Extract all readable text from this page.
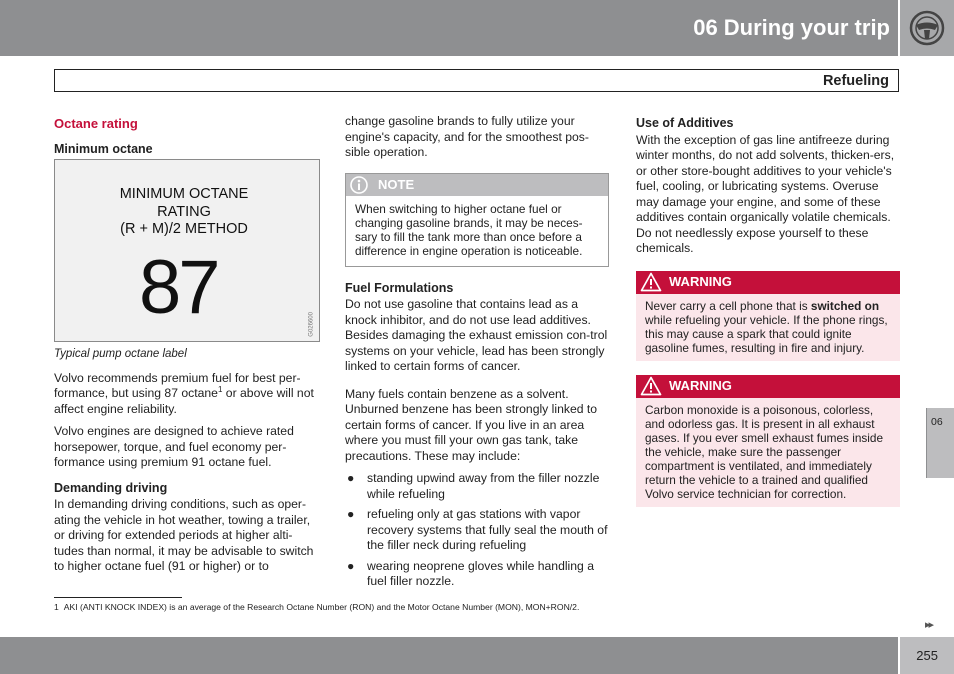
06 During your trip
Refueling
Octane rating
Minimum octane
MINIMUM OCTANE
RATING
(R + M)/2 METHOD
87	G026600
Typical pump octane label

Volvo recommends premium fuel for best per-formance, but using 87 octane$^1$ or above will not affect engine reliability.

Volvo engines are designed to achieve rated horsepower, torque, and fuel economy per-formance using premium 91 octane fuel.

Demanding driving

In demanding driving conditions, such as oper-ating the vehicle in hot weather, towing a trailer, or driving for extended periods at higher alti-tudes than normal, it may be advisable to switch to higher octane fuel (91 or higher) or to

change gasoline brands to fully utilize your engine's capacity, and for the smoothest pos-sible operation.

NOTE
When switching to higher octane fuel or changing gasoline brands, it may be neces-sary to fill the tank more than once before a difference in engine operation is noticeable.
Fuel Formulations

Do not use gasoline that contains lead as a knock inhibitor, and do not use lead additives. Besides damaging the exhaust emission con-trol systems on your vehicle, lead has been strongly linked to certain forms of cancer.

Many fuels contain benzene as a solvent. Unburned benzene has been strongly linked to certain forms of cancer. If you live in an area where you must fill your own gas tank, take precautions. These may include:

● standing upwind away from the filler nozzle while refueling
● refueling only at gas stations with vapor recovery systems that fully seal the mouth of the filler neck during refueling
● wearing neoprene gloves while handling a fuel filler nozzle.
Use of Additives

With the exception of gas line antifreeze during winter months, do not add solvents, thicken-ers, or other store-bought additives to your vehicle's fuel, cooling, or lubricating systems. Overuse may damage your engine, and some of these additives contain organically volatile chemicals. Do not needlessly expose yourself to these chemicals.

WARNING
Never carry a cell phone that is switched on while refueling your vehicle. If the phone rings, this may cause a spark that could ignite gasoline fumes, resulting in fire and injury.
WARNING
Carbon monoxide is a poisonous, colorless, and odorless gas. It is present in all exhaust gases. If you ever smell exhaust fumes inside the vehicle, make sure the passenger compartment is ventilated, and immediately return the vehicle to a trained and qualified Volvo service technician for correction.
1 AKI (ANTI KNOCK INDEX) is an average of the Research Octane Number (RON) and the Motor Octane Number (MON), MON+RON/2.
06
▸▸
255
